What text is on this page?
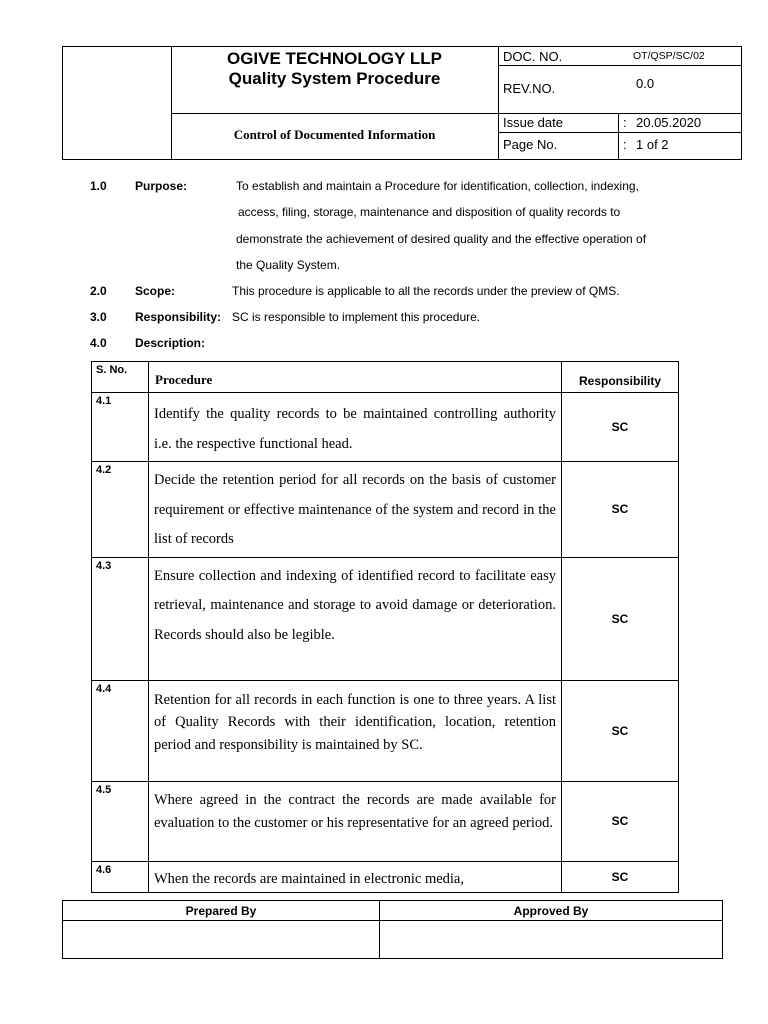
OGIVE TECHNOLOGY LLP
Quality System Procedure
Control of Documented Information
DOC. NO.	OT/QSP/SC/02
REV.NO.	0.0
Issue date	: 20.05.2020
Page No.	: 1 of 2
1.0 Purpose:	To establish and maintain a Procedure for identification, collection, indexing,
access, filing, storage, maintenance and disposition of quality records to
demonstrate the achievement of desired quality and the effective operation of
the Quality System.
2.0 Scope:	This procedure is applicable to all the records under the preview of QMS.
3.0 Responsibility: SC is responsible to implement this procedure.
4.0 Description:
S. No.	Procedure	Responsibility
4.1	Identify the quality records to be maintained controlling authority i.e. the respective functional head.	SC
4.2	Decide the retention period for all records on the basis of customer requirement or effective maintenance of the system and record in the list of records	SC
4.3	Ensure collection and indexing of identified record to facilitate easy retrieval, maintenance and storage to avoid damage or deterioration. Records should also be legible.	SC
4.4	Retention for all records in each function is one to three years. A list of Quality Records with their identification, location, retention period and responsibility is maintained by SC.	SC
4.5	Where agreed in the contract the records are made available for evaluation to the customer or his representative for an agreed period.	SC
4.6	When the records are maintained in electronic media,	SC
Prepared By	Approved By
